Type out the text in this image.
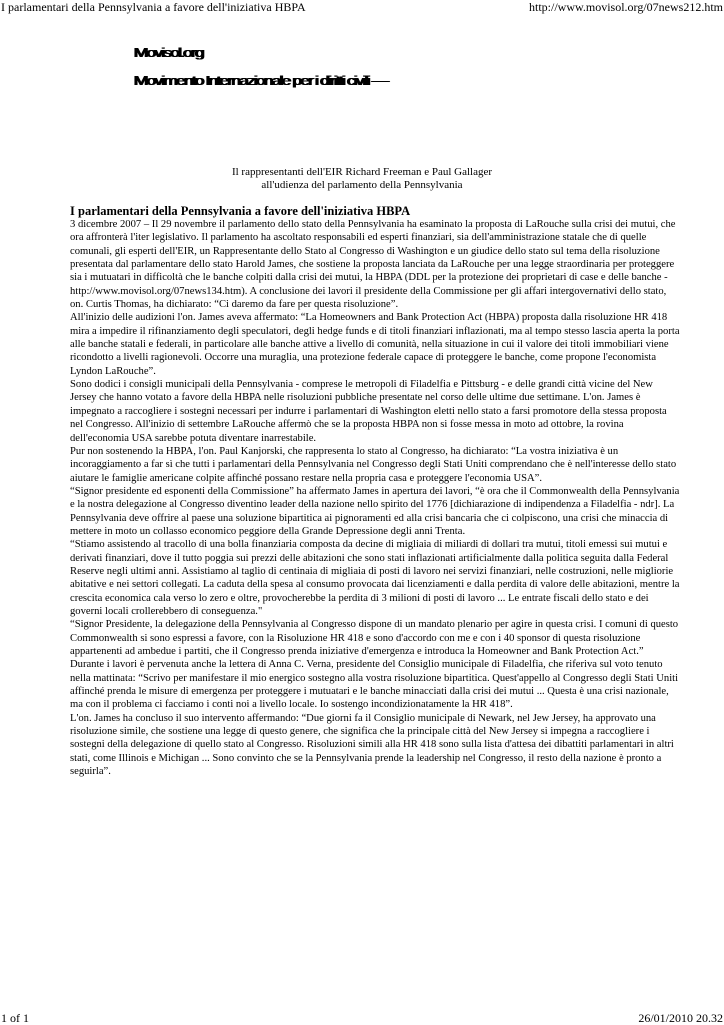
I parlamentari della Pennsylvania a favore dell'iniziativa HBPA	http://www.movisol.org/07news212.htm
Movisol.org
Movimento Internazionale per i diritti civili —
Il rappresentanti dell'EIR Richard Freeman e Paul Gallager
all'udienza del parlamento della Pennsylvania
I parlamentari della Pennsylvania a favore dell'iniziativa HBPA

3 dicembre 2007 – Il 29 novembre il parlamento dello stato della Pennsylvania ha esaminato la proposta di LaRouche sulla crisi dei mutui, che ora affronterà l'iter legislativo. Il parlamento ha ascoltato responsabili ed esperti finanziari, sia dell'amministrazione statale che di quelle comunali, gli esperti dell'EIR, un Rappresentante dello Stato al Congresso di Washington e un giudice dello stato sul tema della risoluzione presentata dal parlamentare dello stato Harold James, che sostiene la proposta lanciata da LaRouche per una legge straordinaria per proteggere sia i mutuatari in difficoltà che le banche colpiti dalla crisi dei mutui, la HBPA (DDL per la protezione dei proprietari di case e delle banche - http://www.movisol.org/07news134.htm). A conclusione dei lavori il presidente della Commissione per gli affari intergovernativi dello stato, on. Curtis Thomas, ha dichiarato: “Ci daremo da fare per questa risoluzione”.

All'inizio delle audizioni l'on. James aveva affermato: “La Homeowners and Bank Protection Act (HBPA) proposta dalla risoluzione HR 418 mira a impedire il rifinanziamento degli speculatori, degli hedge funds e di titoli finanziari inflazionati, ma al tempo stesso lascia aperta la porta alle banche statali e federali, in particolare alle banche attive a livello di comunità, nella situazione in cui il valore dei titoli immobiliari viene ricondotto a livelli ragionevoli. Occorre una muraglia, una protezione federale capace di proteggere le banche, come propone l'economista Lyndon LaRouche”.

Sono dodici i consigli municipali della Pennsylvania - comprese le metropoli di Filadelfia e Pittsburg - e delle grandi città vicine del New Jersey che hanno votato a favore della HBPA nelle risoluzioni pubbliche presentate nel corso delle ultime due settimane. L'on. James è impegnato a raccogliere i sostegni necessari per indurre i parlamentari di Washington eletti nello stato a farsi promotore della stessa proposta nel Congresso. All'inizio di settembre LaRouche affermò che se la proposta HBPA non si fosse messa in moto ad ottobre, la rovina dell'economia USA sarebbe potuta diventare inarrestabile.

Pur non sostenendo la HBPA, l'on. Paul Kanjorski, che rappresenta lo stato al Congresso, ha dichiarato: “La vostra iniziativa è un incoraggiamento a far sì che tutti i parlamentari della Pennsylvania nel Congresso degli Stati Uniti comprendano che è nell'interesse dello stato aiutare le famiglie americane colpite affinché possano restare nella propria casa e proteggere l'economia USA”.

“Signor presidente ed esponenti della Commissione” ha affermato James in apertura dei lavori, “è ora che il Commonwealth della Pennsylvania e la nostra delegazione al Congresso diventino leader della nazione nello spirito del 1776 [dichiarazione di indipendenza a Filadelfia - ndr]. La Pennsylvania deve offrire al paese una soluzione bipartitica ai pignoramenti ed alla crisi bancaria che ci colpiscono, una crisi che minaccia di mettere in moto un collasso economico peggiore della Grande Depressione degli anni Trenta.

“Stiamo assistendo al tracollo di una bolla finanziaria composta da decine di migliaia di miliardi di dollari tra mutui, titoli emessi sui mutui e derivati finanziari, dove il tutto poggia sui prezzi delle abitazioni che sono stati inflazionati artificialmente dalla politica seguita dalla Federal Reserve negli ultimi anni. Assistiamo al taglio di centinaia di migliaia di posti di lavoro nei servizi finanziari, nelle costruzioni, nelle migliorie abitative e nei settori collegati. La caduta della spesa al consumo provocata dai licenziamenti e dalla perdita di valore delle abitazioni, mentre la crescita economica cala verso lo zero e oltre, provocherebbe la perdita di 3 milioni di posti di lavoro ... Le entrate fiscali dello stato e dei governi locali crollerebbero di conseguenza."

“Signor Presidente, la delegazione della Pennsylvania al Congresso dispone di un mandato plenario per agire in questa crisi. I comuni di questo Commonwealth si sono espressi a favore, con la Risoluzione HR 418 e sono d'accordo con me e con i 40 sponsor di questa risoluzione appartenenti ad ambedue i partiti, che il Congresso prenda iniziative d'emergenza e introduca la Homeowner and Bank Protection Act.”

Durante i lavori è pervenuta anche la lettera di Anna C. Verna, presidente del Consiglio municipale di Filadelfia, che riferiva sul voto tenuto nella mattinata: “Scrivo per manifestare il mio energico sostegno alla vostra risoluzione bipartitica. Quest'appello al Congresso degli Stati Uniti affinché prenda le misure di emergenza per proteggere i mutuatari e le banche minacciati dalla crisi dei mutui ... Questa è una crisi nazionale, ma con il problema ci facciamo i conti noi a livello locale. Io sostengo incondizionatamente la HR 418”.

L'on. James ha concluso il suo intervento affermando: “Due giorni fa il Consiglio municipale di Newark, nel Jew Jersey, ha approvato una risoluzione simile, che sostiene una legge di questo genere, che significa che la principale città del New Jersey si impegna a raccogliere i sostegni della delegazione di quello stato al Congresso. Risoluzioni simili alla HR 418 sono sulla lista d'attesa dei dibattiti parlamentari in altri stati, come Illinois e Michigan ... Sono convinto che se la Pennsylvania prende la leadership nel Congresso, il resto della nazione è pronto a seguirla”.

1 of 1	26/01/2010 20.32
